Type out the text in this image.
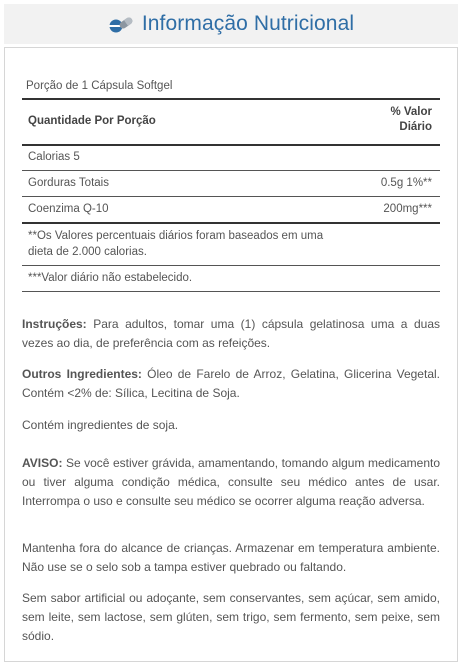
Informação Nutricional
Porção de 1 Cápsula Softgel
Quantidade Por Porção
% Valor
Diário
Calorias 5
Gorduras Totais	0.5g 1%**
Coenzima Q-10	200mg***
**Os Valores percentuais diários foram baseados em uma dieta de 2.000 calorias.
***Valor diário não estabelecido.

Instruções: Para adultos, tomar uma (1) cápsula gelatinosa uma a duas vezes ao dia, de preferência com as refeições.

Outros Ingredientes: Óleo de Farelo de Arroz, Gelatina, Glicerina Vegetal. Contém <2% de: Sílica, Lecitina de Soja.

Contém ingredientes de soja.

AVISO: Se você estiver grávida, amamentando, tomando algum medicamento ou tiver alguma condição médica, consulte seu médico antes de usar. Interrompa o uso e consulte seu médico se ocorrer alguma reação adversa.

Mantenha fora do alcance de crianças. Armazenar em temperatura ambiente. Não use se o selo sob a tampa estiver quebrado ou faltando.

Sem sabor artificial ou adoçante, sem conservantes, sem açúcar, sem amido, sem leite, sem lactose, sem glúten, sem trigo, sem fermento, sem peixe, sem sódio.
